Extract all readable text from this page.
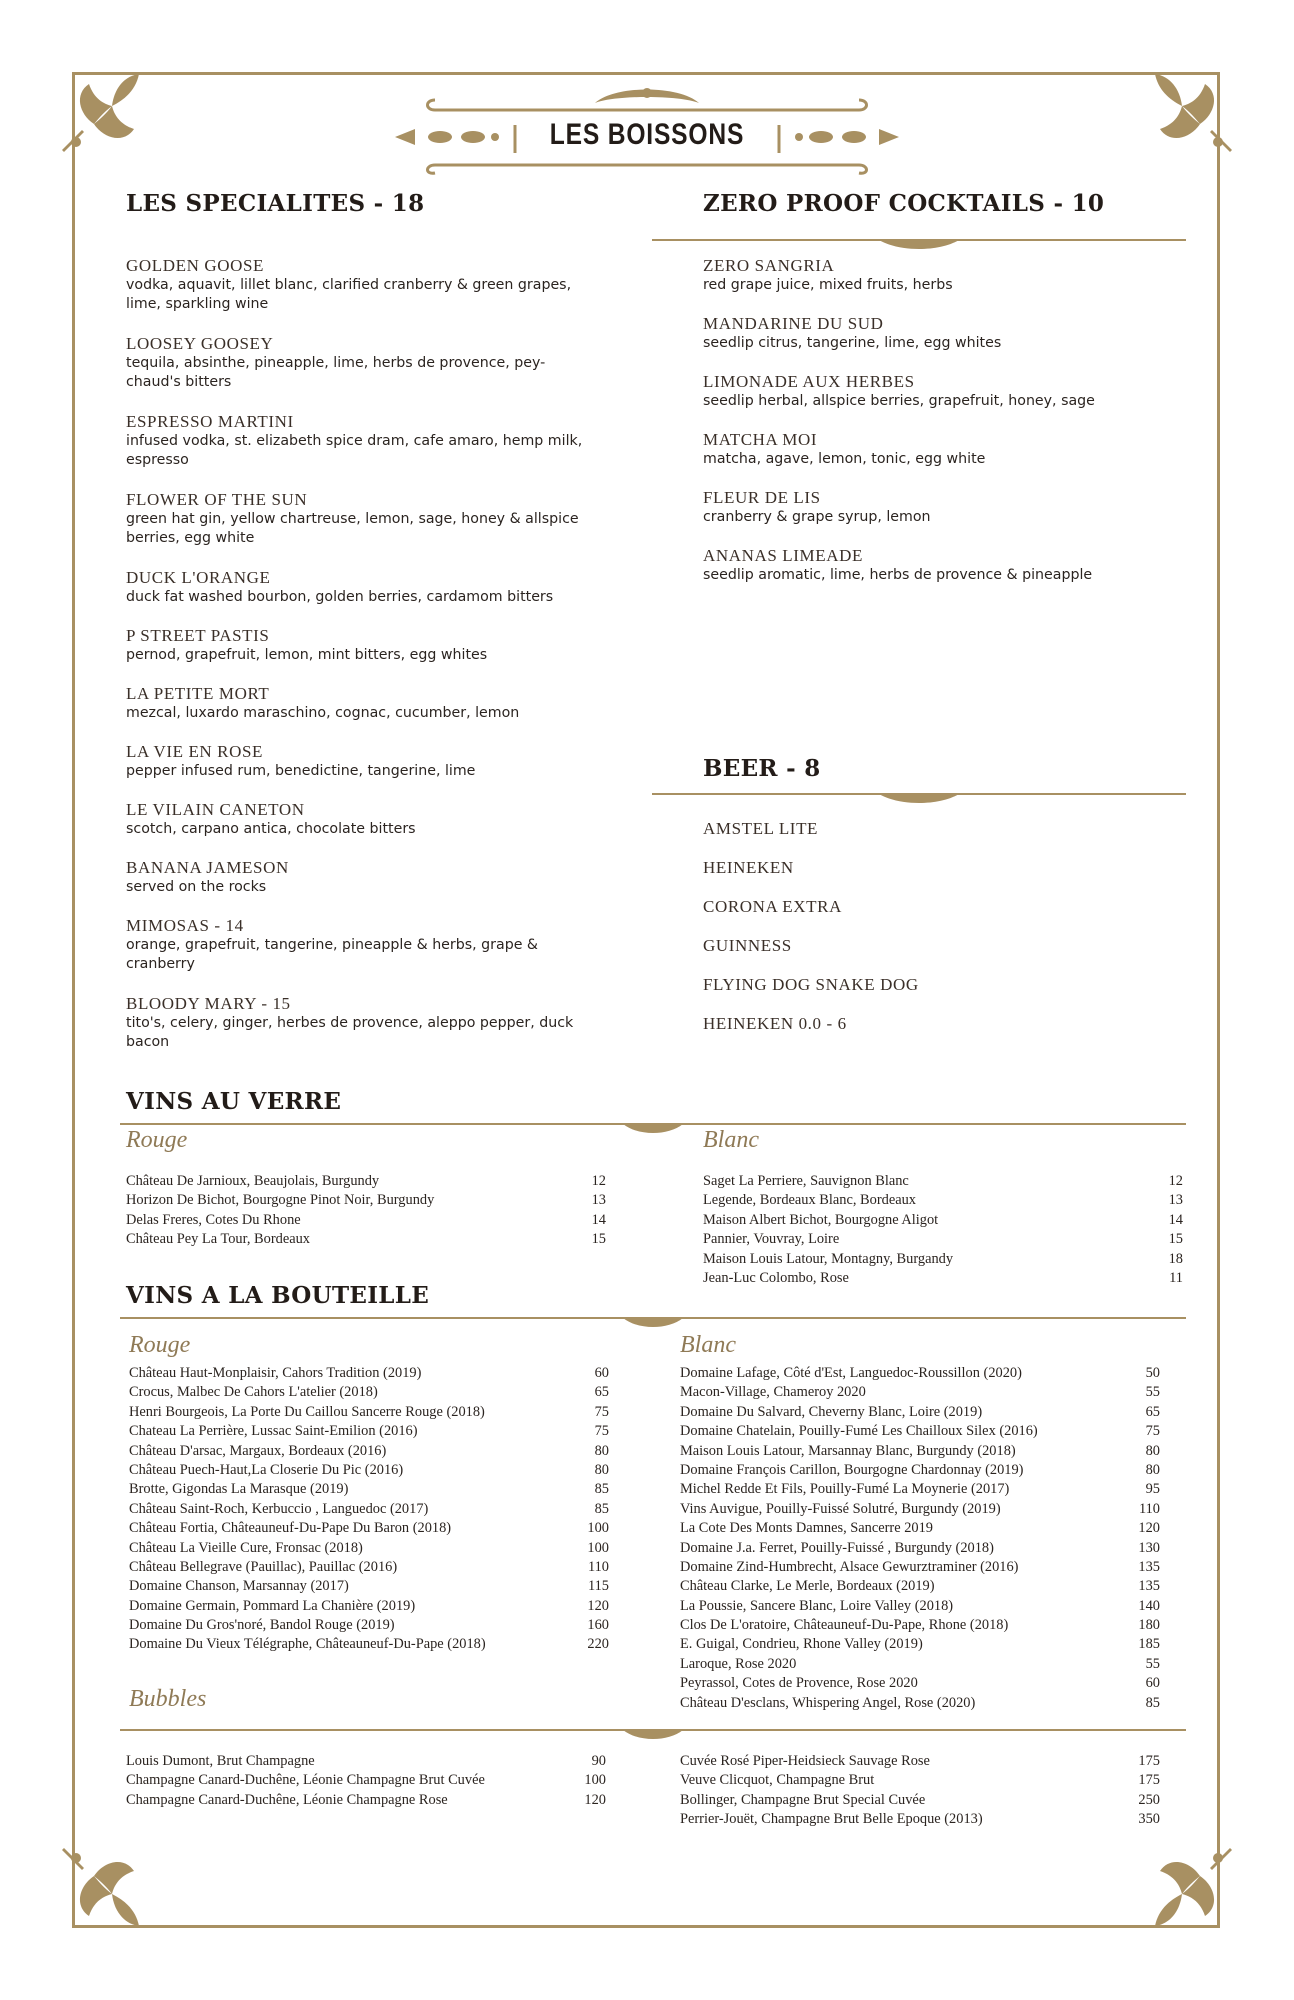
LES BOISSONS
LES SPECIALITES - 18
GOLDEN GOOSE
vodka, aquavit, lillet blanc, clarified cranberry & green grapes,
lime, sparkling wine
LOOSEY GOOSEY
tequila, absinthe, pineapple, lime, herbs de provence, pey-
chaud's bitters
ESPRESSO MARTINI
infused vodka, st. elizabeth spice dram, cafe amaro, hemp milk,
espresso
FLOWER OF THE SUN
green hat gin, yellow chartreuse, lemon, sage, honey & allspice
berries, egg white
DUCK L'ORANGE
duck fat washed bourbon, golden berries, cardamom bitters
P STREET PASTIS
pernod, grapefruit, lemon, mint bitters, egg whites
LA PETITE MORT
mezcal, luxardo maraschino, cognac, cucumber, lemon
LA VIE EN ROSE
pepper infused rum, benedictine, tangerine, lime
LE VILAIN CANETON
scotch, carpano antica, chocolate bitters
BANANA JAMESON
served on the rocks
MIMOSAS - 14
orange, grapefruit, tangerine, pineapple & herbs, grape &
cranberry
BLOODY MARY - 15
tito's, celery, ginger, herbes de provence, aleppo pepper, duck
bacon
ZERO PROOF COCKTAILS - 10
ZERO SANGRIA
red grape juice, mixed fruits, herbs
MANDARINE DU SUD
seedlip citrus, tangerine, lime, egg whites
LIMONADE AUX HERBES
seedlip herbal, allspice berries, grapefruit, honey, sage
MATCHA MOI
matcha, agave, lemon, tonic, egg white
FLEUR DE LIS
cranberry & grape syrup, lemon
ANANAS LIMEADE
seedlip aromatic, lime, herbs de provence & pineapple
BEER - 8
AMSTEL LITE
HEINEKEN
CORONA EXTRA
GUINNESS
FLYING DOG SNAKE DOG
HEINEKEN 0.0 - 6
VINS AU VERRE
Rouge	Blanc
Château De Jarnioux, Beaujolais, Burgundy	12
Horizon De Bichot, Bourgogne Pinot Noir, Burgundy	13
Delas Freres, Cotes Du Rhone	14
Château Pey La Tour, Bordeaux	15
Saget La Perriere, Sauvignon Blanc	12
Legende, Bordeaux Blanc, Bordeaux	13
Maison Albert Bichot, Bourgogne Aligot	14
Pannier, Vouvray, Loire	15
Maison Louis Latour, Montagny, Burgandy	18
Jean-Luc Colombo, Rose	11
VINS A LA BOUTEILLE
Rouge	Blanc
Château Haut-Monplaisir, Cahors Tradition (2019)	60
Crocus, Malbec De Cahors L'atelier (2018)	65
Henri Bourgeois, La Porte Du Caillou Sancerre Rouge (2018)	75
Chateau La Perrière, Lussac Saint-Emilion (2016)	75
Château D'arsac, Margaux, Bordeaux (2016)	80
Château Puech-Haut,La Closerie Du Pic (2016)	80
Brotte, Gigondas La Marasque (2019)	85
Château Saint-Roch, Kerbuccio , Languedoc (2017)	85
Château Fortia, Châteauneuf-Du-Pape Du Baron (2018)	100
Château La Vieille Cure, Fronsac (2018)	100
Château Bellegrave (Pauillac), Pauillac (2016)	110
Domaine Chanson, Marsannay (2017)	115
Domaine Germain, Pommard La Chanière (2019)	120
Domaine Du Gros'noré, Bandol Rouge (2019)	160
Domaine Du Vieux Télégraphe, Châteauneuf-Du-Pape (2018)	220
Domaine Lafage, Côté d'Est, Languedoc-Roussillon (2020)	50
Macon-Village, Chameroy 2020	55
Domaine Du Salvard, Cheverny Blanc, Loire (2019)	65
Domaine Chatelain, Pouilly-Fumé Les Chailloux Silex (2016)	75
Maison Louis Latour, Marsannay Blanc, Burgundy (2018)	80
Domaine François Carillon, Bourgogne Chardonnay (2019)	80
Michel Redde Et Fils, Pouilly-Fumé La Moynerie (2017)	95
Vins Auvigue, Pouilly-Fuissé Solutré, Burgundy (2019)	110
La Cote Des Monts Damnes, Sancerre 2019	120
Domaine J.a. Ferret, Pouilly-Fuissé , Burgundy (2018)	130
Domaine Zind-Humbrecht, Alsace Gewurztraminer (2016)	135
Château Clarke, Le Merle, Bordeaux (2019)	135
La Poussie, Sancere Blanc, Loire Valley (2018)	140
Clos De L'oratoire, Châteauneuf-Du-Pape, Rhone (2018)	180
E. Guigal, Condrieu, Rhone Valley (2019)	185
Laroque, Rose 2020	55
Peyrassol, Cotes de Provence, Rose 2020	60
Château D'esclans, Whispering Angel, Rose (2020)	85
Bubbles
Louis Dumont, Brut Champagne	90
Champagne Canard-Duchêne, Léonie Champagne Brut Cuvée	100
Champagne Canard-Duchêne, Léonie Champagne Rose	120
Cuvée Rosé Piper-Heidsieck Sauvage Rose	175
Veuve Clicquot, Champagne Brut	175
Bollinger, Champagne Brut Special Cuvée	250
Perrier-Jouët, Champagne Brut Belle Epoque (2013)	350
